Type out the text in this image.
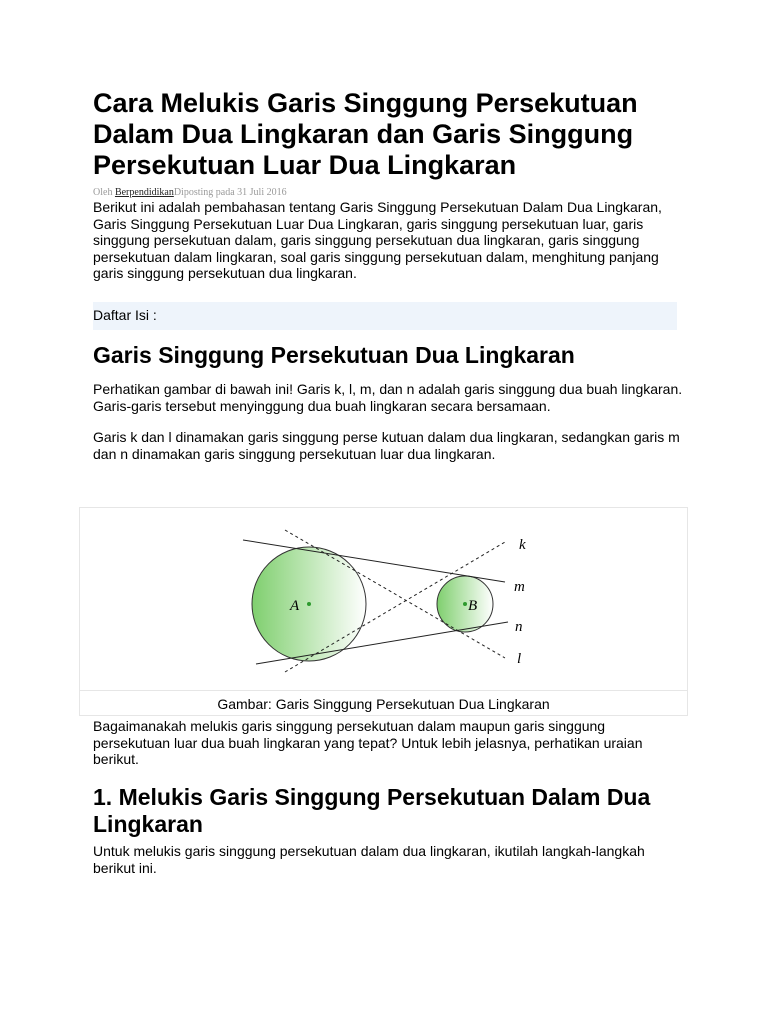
Cara Melukis Garis Singgung Persekutuan Dalam Dua Lingkaran dan Garis Singgung Persekutuan Luar Dua Lingkaran
Oleh BerpendidikanDiposting pada 31 Juli 2016

Berikut ini adalah pembahasan tentang Garis Singgung Persekutuan Dalam Dua Lingkaran, Garis Singgung Persekutuan Luar Dua Lingkaran, garis singgung persekutuan luar, garis singgung persekutuan dalam, garis singgung persekutuan dua lingkaran, garis singgung persekutuan dalam lingkaran, soal garis singgung persekutuan dalam, menghitung panjang garis singgung persekutuan dua lingkaran.

Daftar Isi :
Garis Singgung Persekutuan Dua Lingkaran

Perhatikan gambar di bawah ini! Garis k, l, m, dan n adalah garis singgung dua buah lingkaran. Garis-garis tersebut menyinggung dua buah lingkaran secara bersamaan.

Garis k dan l dinamakan garis singgung perse kutuan dalam dua lingkaran, sedangkan garis m dan n dinamakan garis singgung persekutuan luar dua lingkaran.

A	B
k
m
n
l
Gambar: Garis Singgung Persekutuan Dua Lingkaran

Bagaimanakah melukis garis singgung persekutuan dalam maupun garis singgung persekutuan luar dua buah lingkaran yang tepat? Untuk lebih jelasnya, perhatikan uraian berikut.

1. Melukis Garis Singgung Persekutuan Dalam Dua Lingkaran

Untuk melukis garis singgung persekutuan dalam dua lingkaran, ikutilah langkah-langkah berikut ini.
